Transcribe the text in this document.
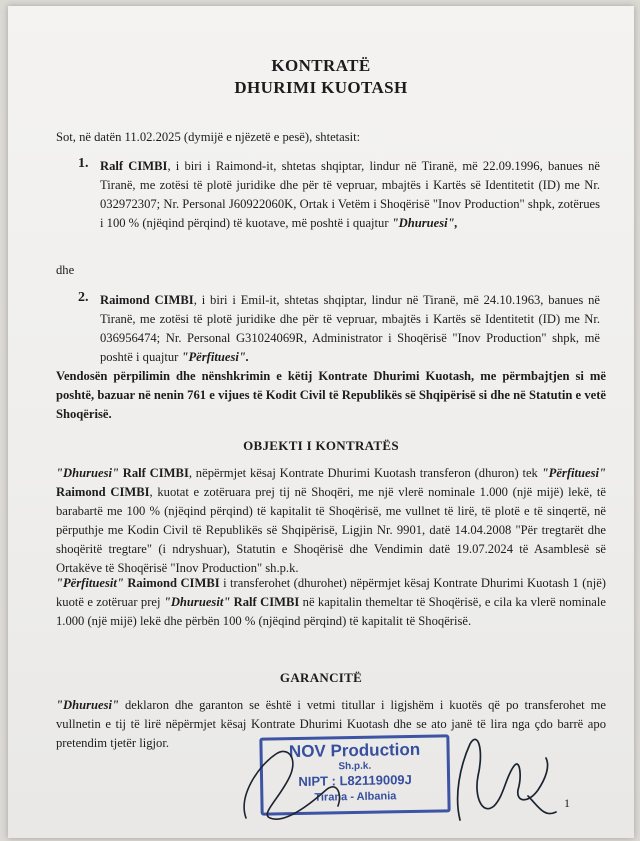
KONTRATË
DHURIMI KUOTASH
Sot, në datën 11.02.2025 (dymijë e njëzetë e pesë), shtetasit:
1. Ralf CIMBI, i biri i Raimond-it, shtetas shqiptar, lindur në Tiranë, më 22.09.1996, banues në Tiranë, me zotësi të plotë juridike dhe për të vepruar, mbajtës i Kartës së Identitetit (ID) me Nr. 032972307; Nr. Personal J60922060K, Ortak i Vetëm i Shoqërisë "Inov Production" shpk, zotërues i 100 % (njëqind përqind) të kuotave, më poshtë i quajtur "Dhuruesi",
dhe
2. Raimond CIMBI, i biri i Emil-it, shtetas shqiptar, lindur në Tiranë, më 24.10.1963, banues në Tiranë, me zotësi të plotë juridike dhe për të vepruar, mbajtës i Kartës së Identitetit (ID) me Nr. 036956474; Nr. Personal G31024069R, Administrator i Shoqërisë "Inov Production" shpk, më poshtë i quajtur "Përfituesi".
Vendosën përpilimin dhe nënshkrimin e këtij Kontrate Dhurimi Kuotash, me përmbajtjen si më poshtë, bazuar në nenin 761 e vijues të Kodit Civil të Republikës së Shqipërisë si dhe në Statutin e vetë Shoqërisë.
OBJEKTI I KONTRATËS
"Dhuruesi" Ralf CIMBI, nëpërmjet kësaj Kontrate Dhurimi Kuotash transferon (dhuron) tek "Përfituesi" Raimond CIMBI, kuotat e zotëruara prej tij në Shoqëri, me një vlerë nominale 1.000 (një mijë) lekë, të barabartë me 100 % (njëqind përqind) të kapitalit të Shoqërisë, me vullnet të lirë, të plotë e të sinqertë, në përputhje me Kodin Civil të Republikës së Shqipërisë, Ligjin Nr. 9901, datë 14.04.2008 "Për tregtarët dhe shoqëritë tregtare" (i ndryshuar), Statutin e Shoqërisë dhe Vendimin datë 19.07.2024 të Asamblesë së Ortakëve të Shoqërisë "Inov Production" sh.p.k.
"Përfituesit" Raimond CIMBI i transferohet (dhurohet) nëpërmjet kësaj Kontrate Dhurimi Kuotash 1 (një) kuotë e zotëruar prej "Dhuruesit" Ralf CIMBI në kapitalin themeltar të Shoqërisë, e cila ka vlerë nominale 1.000 (një mijë) lekë dhe përbën 100 % (njëqind përqind) të kapitalit të Shoqërisë.
GARANCITË
"Dhuruesi" deklaron dhe garanton se është i vetmi titullar i ligjshëm i kuotës që po transferohet me vullnetin e tij të lirë nëpërmjet kësaj Kontrate Dhurimi Kuotash dhe se ato janë të lira nga çdo barrë apo pretendim tjetër ligjor.	NOV Production
Sh.p.k.
NIPT : L82119009J
Tirana - Albania	1
